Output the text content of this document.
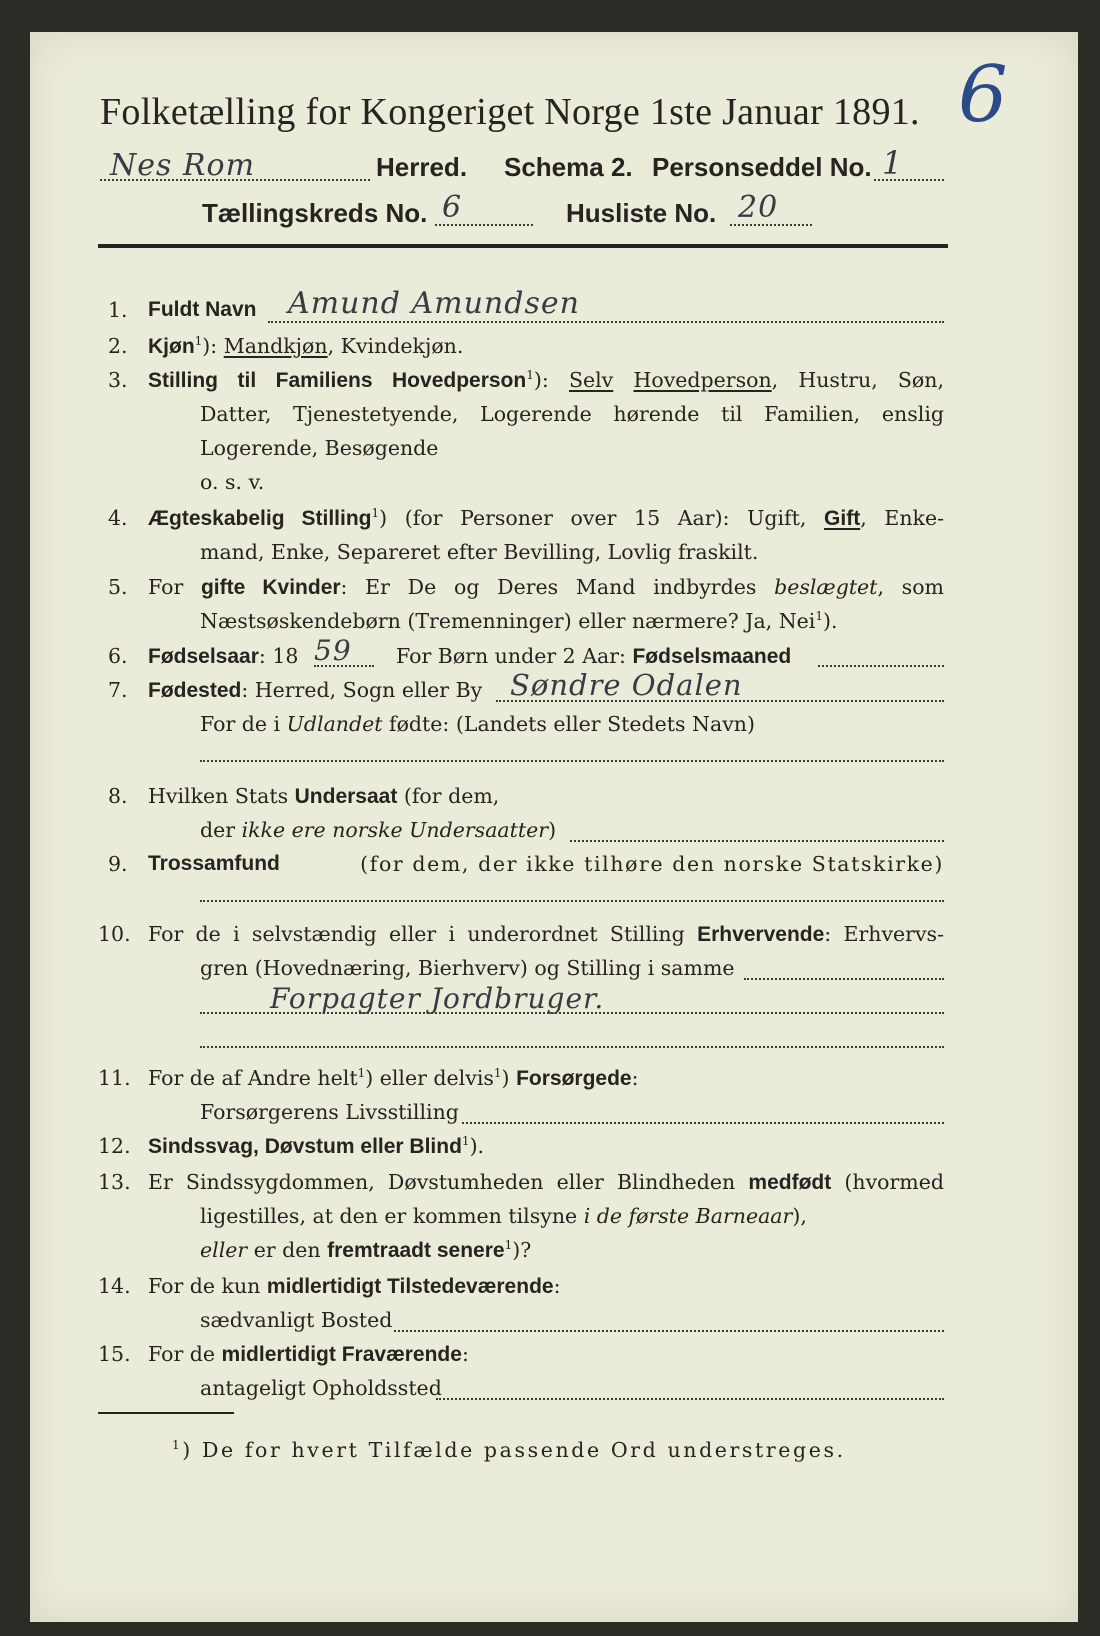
Folketælling for Kongeriget Norge 1ste Januar 1891. 6
Nes Rom	Herred. Schema 2. Personseddel No. 1
Tællingskreds No. 6	Husliste No. 20
1. Fuldt Navn Amund Amundsen
2. Kjøn$^1$): Mandkjøn, Kvindekjøn.
3. Stilling til Familiens Hovedperson$^1$): Selv Hovedperson, Hustru, Søn,
Datter, Tjenestetyende, Logerende hørende til Familien, enslig
Logerende, Besøgende
o. s. v.
4. Ægteskabelig Stilling$^1$) (for Personer over 15 Aar): Ugift, Gift, Enke-
mand, Enke, Separeret efter Bevilling, Lovlig fraskilt.
5. For gifte Kvinder: Er De og Deres Mand indbyrdes beslægtet, som
Næstsøskendebørn (Tremenninger) eller nærmere? Ja, Nei$^1$).
6. Fødselsaar: 18 59 For Børn under 2 Aar: Fødselsmaaned
7. Fødested: Herred, Sogn eller By Søndre Odalen
For de i Udlandet fødte: (Landets eller Stedets Navn)
8. Hvilken Stats Undersaat (for dem,
der ikke ere norske Undersaatter)
9. Trossamfund	(for dem, der ikke tilhøre den norske Statskirke)
10. For de i selvstændig eller i underordnet Stilling Erhvervende: Erhvervs-
gren (Hovednæring, Bierhverv) og Stilling i samme
Forpagter Jordbruger.
11. For de af Andre helt$^1$) eller delvis$^1$) Forsørgede:
Forsørgerens Livsstilling
12. Sindssvag, Døvstum eller Blind$^1$).
13. Er Sindssygdommen, Døvstumheden eller Blindheden medfødt (hvormed
ligestilles, at den er kommen tilsyne i de første Barneaar),
eller er den fremtraadt senere$^1$)?
14. For de kun midlertidigt Tilstedeværende:
sædvanligt Bosted
15. For de midlertidigt Fraværende:
antageligt Opholdssted
$^1$) De for hvert Tilfælde passende Ord understreges.
